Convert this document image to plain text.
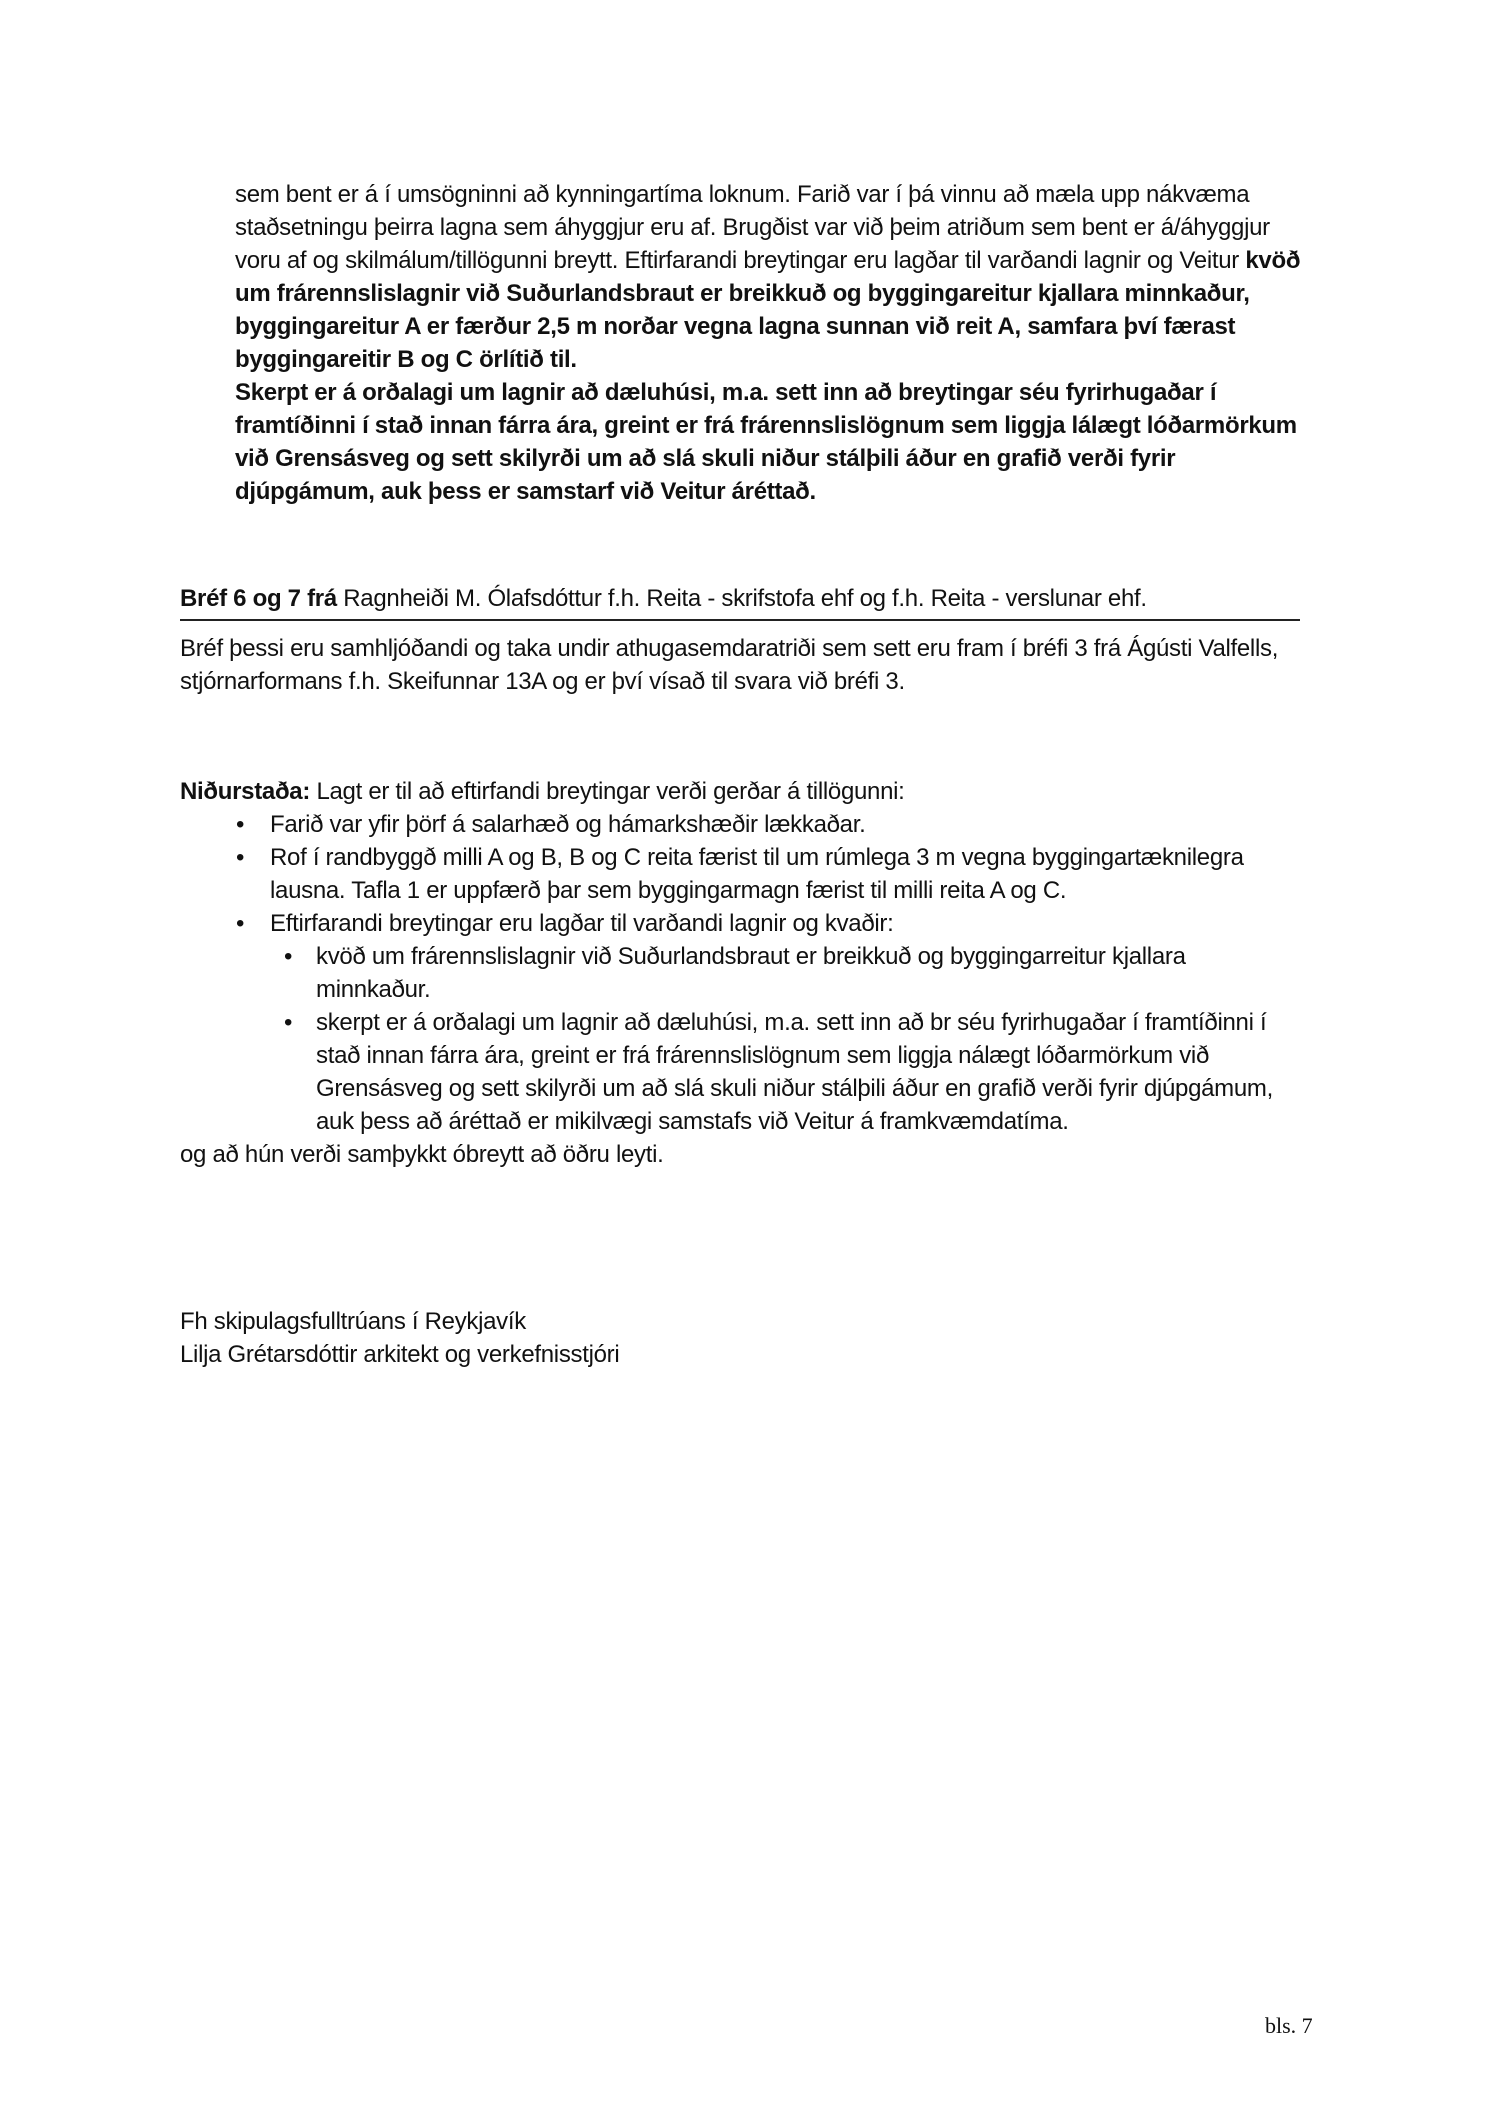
sem bent er á í umsögninni að kynningartíma loknum. Farið var í þá vinnu að mæla upp nákvæma staðsetningu þeirra lagna sem áhyggjur eru af. Brugðist var við þeim atriðum sem bent er á/áhyggjur voru af og skilmálum/tillögunni breytt. Eftirfarandi breytingar eru lagðar til varðandi lagnir og Veitur kvöð um frárennslislagnir við Suðurlandsbraut er breikkuð og byggingareitur kjallara minnkaður, byggingareitur A er færður 2,5 m norðar vegna lagna sunnan við reit A, samfara því færast byggingareitir B og C örlítið til.

Skerpt er á orðalagi um lagnir að dæluhúsi, m.a. sett inn að breytingar séu fyrirhugaðar í framtíðinni í stað innan fárra ára, greint er frá frárennslislögnum sem liggja lálægt lóðarmörkum við Grensásveg og sett skilyrði um að slá skuli niður stálþili áður en grafið verði fyrir djúpgámum, auk þess er samstarf við Veitur áréttað.

Bréf 6 og 7 frá Ragnheiði M. Ólafsdóttur f.h. Reita - skrifstofa ehf og f.h. Reita - verslunar ehf.

Bréf þessi eru samhljóðandi og taka undir athugasemdaratriði sem sett eru fram í bréfi 3 frá Ágústi Valfells, stjórnarformans f.h. Skeifunnar 13A og er því vísað til svara við bréfi 3.

Niðurstaða: Lagt er til að eftirfandi breytingar verði gerðar á tillögunni:

• Farið var yfir þörf á salarhæð og hámarkshæðir lækkaðar.
• Rof í randbyggð milli A og B, B og C reita færist til um rúmlega 3 m vegna byggingartæknilegra lausna. Tafla 1 er uppfærð þar sem byggingarmagn færist til milli reita A og C.
• Eftirfarandi breytingar eru lagðar til varðandi lagnir og kvaðir:
• kvöð um frárennslislagnir við Suðurlandsbraut er breikkuð og byggingarreitur kjallara minnkaður.
• skerpt er á orðalagi um lagnir að dæluhúsi, m.a. sett inn að br séu fyrirhugaðar í framtíðinni í stað innan fárra ára, greint er frá frárennslislögnum sem liggja nálægt lóðarmörkum við Grensásveg og sett skilyrði um að slá skuli niður stálþili áður en grafið verði fyrir djúpgámum, auk þess að áréttað er mikilvægi samstafs við Veitur á framkvæmdatíma.

og að hún verði samþykkt óbreytt að öðru leyti.

Fh skipulagsfulltrúans í Reykjavík

Lilja Grétarsdóttir arkitekt og verkefnisstjóri

bls. 7
